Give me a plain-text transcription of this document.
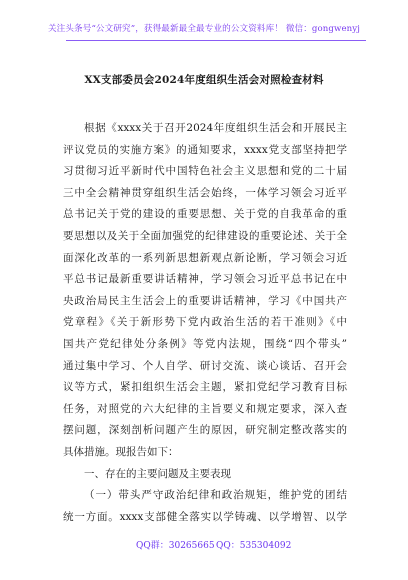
关注头条号“公文研究”，获得最新最全最专业的公文资料库！ 微信：gongwenyj
XX支部委员会2024年度组织生活会对照检查材料
根据《xxxx关于召开2024年度组织生活会和开展民主
评议党员的实施方案》的通知要求，xxxx党支部坚持把学
习贯彻习近平新时代中国特色社会主义思想和党的二十届
三中全会精神贯穿组织生活会始终，一体学习领会习近平
总书记关于党的建设的重要思想、关于党的自我革命的重
要思想以及关于全面加强党的纪律建设的重要论述、关于全
面深化改革的一系列新思想新观点新论断，学习领会习近
平总书记最新重要讲话精神，学习领会习近平总书记在中
央政治局民主生活会上的重要讲话精神，学习《中国共产
党章程》《关于新形势下党内政治生活的若干准则》《中
国共产党纪律处分条例》等党内法规，围绕“四个带头”
通过集中学习、个人自学、研讨交流、谈心谈话、召开会
议等方式，紧扣组织生活会主题，紧扣党纪学习教育目标
任务，对照党的六大纪律的主旨要义和规定要求，深入查
摆问题，深刻剖析问题产生的原因，研究制定整改落实的
具体措施。现报告如下：
一、存在的主要问题及主要表现
（一）带头严守政治纪律和政治规矩，维护党的团结
统一方面。xxxx支部健全落实以学铸魂、以学增智、以学
QQ群：30265665 QQ：535304092
